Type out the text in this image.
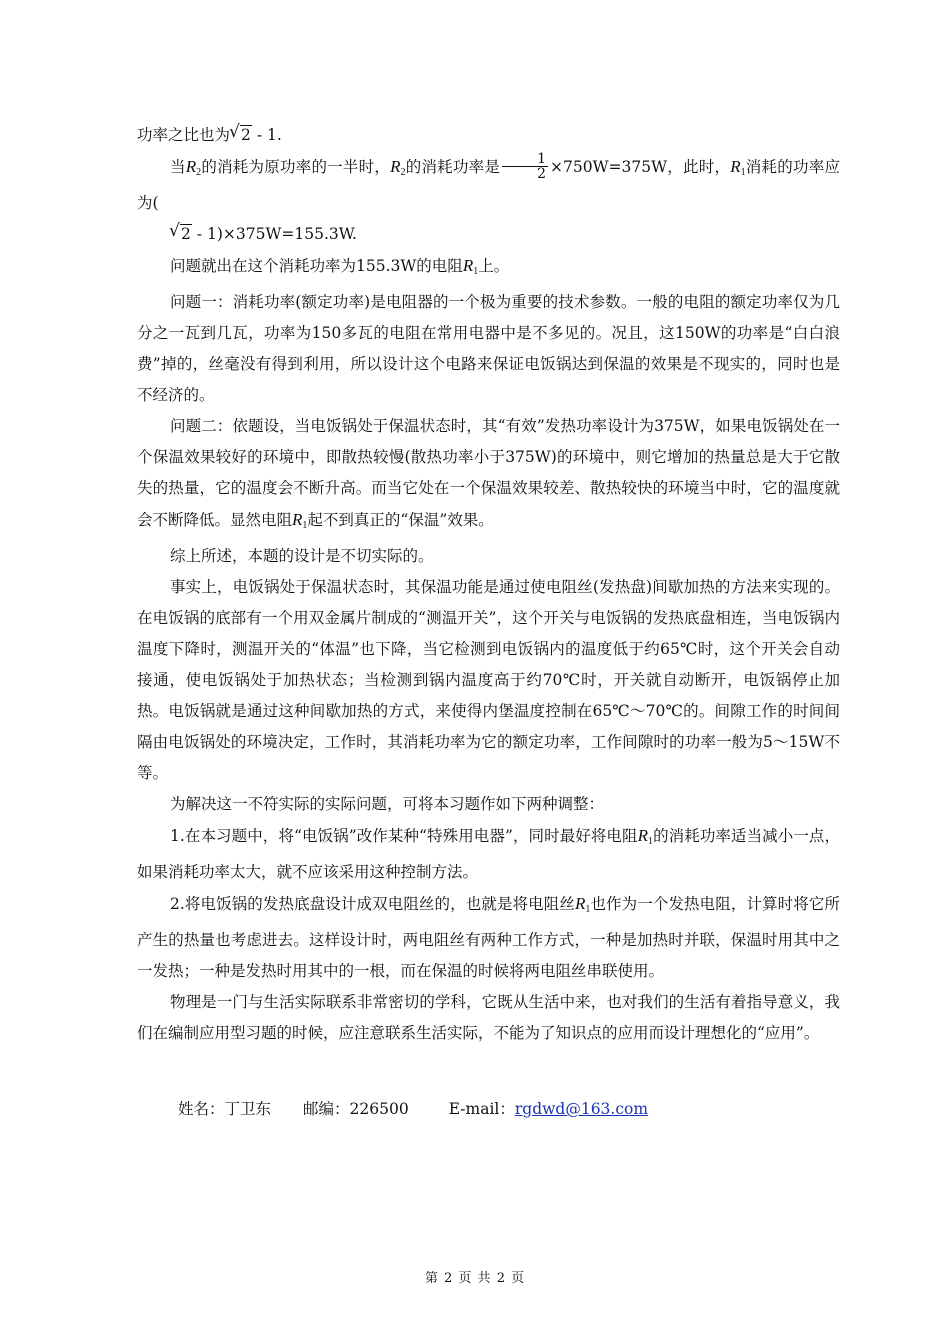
功率之比也为√ 2 - 1.

当$R_2$的消耗为原功率的一半时，$R_2$的消耗功率是 $\frac{1}{2} \times 750W=375W$，此时，$R_1$消耗的功率应为(
√ 2 - 1)×375W=155.3W.

问题就出在这个消耗功率为155.3W的电阻$R_1$上。

问题一：消耗功率(额定功率)是电阻器的一个极为重要的技术参数。一般的电阻的额定功率仅为几分之一瓦到几瓦，功率为150多瓦的电阻在常用电器中是不多见的。况且，这150W的功率是“白白浪费”掉的，丝毫没有得到利用，所以设计这个电路来保证电饭锅达到保温的效果是不现实的，同时也是不经济的。

问题二：依题设，当电饭锅处于保温状态时，其“有效”发热功率设计为375W，如果电饭锅处在一个保温效果较好的环境中，即散热较慢(散热功率小于375W)的环境中，则它增加的热量总是大于它散失的热量，它的温度会不断升高。而当它处在一个保温效果较差、散热较快的环境当中时，它的温度就会不断降低。显然电阻$R_1$起不到真正的“保温”效果。

综上所述，本题的设计是不切实际的。

事实上，电饭锅处于保温状态时，其保温功能是通过使电阻丝(发热盘)间歇加热的方法来实现的。在电饭锅的底部有一个用双金属片制成的“测温开关”，这个开关与电饭锅的发热底盘相连，当电饭锅内温度下降时，测温开关的“体温”也下降，当它检测到电饭锅内的温度低于约65℃时，这个开关会自动接通，使电饭锅处于加热状态；当检测到锅内温度高于约70℃时，开关就自动断开，电饭锅停止加热。电饭锅就是通过这种间歇加热的方式，来使得内堡温度控制在65℃～70℃的。间隙工作的时间间隔由电饭锅处的环境决定，工作时，其消耗功率为它的额定功率，工作间隙时的功率一般为5～15W不等。

为解决这一不符实际的实际问题，可将本习题作如下两种调整：

1.在本习题中，将“电饭锅”改作某种“特殊用电器”，同时最好将电阻$R_1$的消耗功率适当减小一点，如果消耗功率太大，就不应该采用这种控制方法。

2.将电饭锅的发热底盘设计成双电阻丝的，也就是将电阻丝$R_1$也作为一个发热电阻，计算时将它所产生的热量也考虑进去。这样设计时，两电阻丝有两种工作方式，一种是加热时并联，保温时用其中之一发热；一种是发热时用其中的一根，而在保温的时候将两电阻丝串联使用。

物理是一门与生活实际联系非常密切的学科，它既从生活中来，也对我们的生活有着指导意义，我们在编制应用型习题的时候，应注意联系生活实际，不能为了知识点的应用而设计理想化的“应用”。

姓名：丁卫东 邮编：226500	E-mail：rgdwd@163.com
第 2 页 共 2 页
